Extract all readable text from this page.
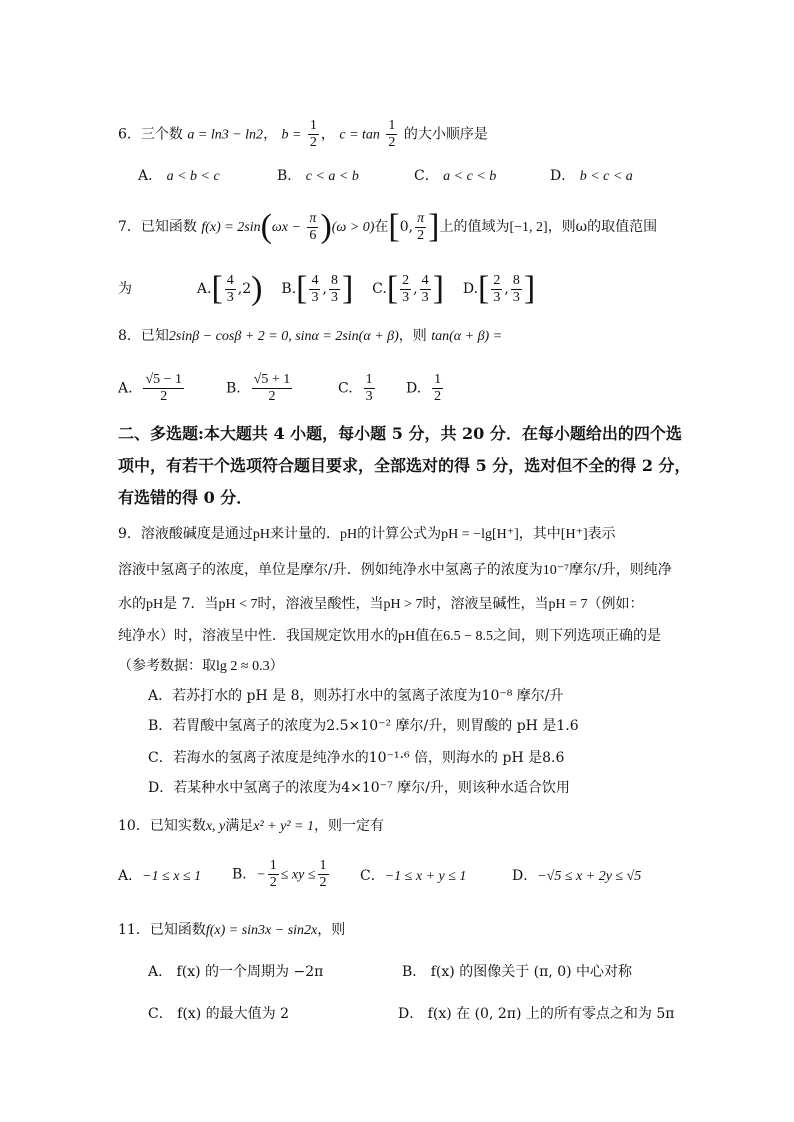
6．三个数 a = ln3 − ln2， $b = \frac{1}{2}$ ， $c = \tan \frac{1}{2}$ 的大小顺序是
A． a < b < c	B． c < a < b	C． a < c < b	D． b < c < a
7．已知函数 $f(x) = 2\sin(\omega x - \frac{\pi}{6} )(\omega > 0)$在[0, $\frac{\pi}{2}$ ]上的值域为[−1, 2]，则ω的取值范围
为	$A.[ \frac{4}{3} ,2)$ $B.[ \frac{4}{3}$ , $\frac{8}{3}$ ] $C.[ \frac{2}{3}$ , $\frac{4}{3}$ ] $D.[ \frac{2}{3}$ , $\frac{8}{3}$ ]
8．已知2sinβ − cosβ + 2 = 0, sinα = 2sin(α + β)，则 tan(α + β) =
A. $\frac{√5 - 1}{2}$	B. $\frac{√5 + 1}{2}$	C. $\frac{1}{3} D$. $\frac{1}{2}$
二、多选题:本大题共 4 小题，每小题 5 分，共 20 分．在每小题给出的四个选
项中，有若干个选项符合题目要求，全部选对的得 5 分，选对但不全的得 2 分，
有选错的得 0 分．
9．溶液酸碱度是通过pH来计量的．pH的计算公式为pH = −lg[H⁺]，其中[H⁺]表示
溶液中氢离子的浓度，单位是摩尔/升．例如纯净水中氢离子的浓度为10⁻⁷摩尔/升，则纯净
水的pH是 7．当pH < 7时，溶液呈酸性，当pH > 7时，溶液呈碱性，当pH = 7（例如：
纯净水）时，溶液呈中性．我国规定饮用水的pH值在6.5 − 8.5之间，则下列选项正确的是
（参考数据：取lg 2 ≈ 0.3）
A．若苏打水的 pH 是 8，则苏打水中的氢离子浓度为10⁻⁸ 摩尔/升
B．若胃酸中氢离子的浓度为2.5×10⁻² 摩尔/升，则胃酸的 pH 是1.6
C．若海水的氢离子浓度是纯净水的10⁻¹·⁶ 倍，则海水的 pH 是8.6
D．若某种水中氢离子的浓度为4×10⁻⁷ 摩尔/升，则该种水适合饮用
10．已知实数x, y满足x² + y² = 1，则一定有
A．−1 ≤ x ≤ 1 B．− $\frac{1}{2}$ ≤ xy ≤ $\frac{1}{2}$ C．−1 ≤ x + y ≤ 1	D．−√5 ≤ x + 2y ≤ √5
11．已知函数f(x) = sin3x − sin2x，则
A． f(x) 的一个周期为 −2π	B． f(x) 的图像关于 (π, 0) 中心对称
C． f(x) 的最大值为 2	D． f(x) 在 (0, 2π) 上的所有零点之和为 5π
